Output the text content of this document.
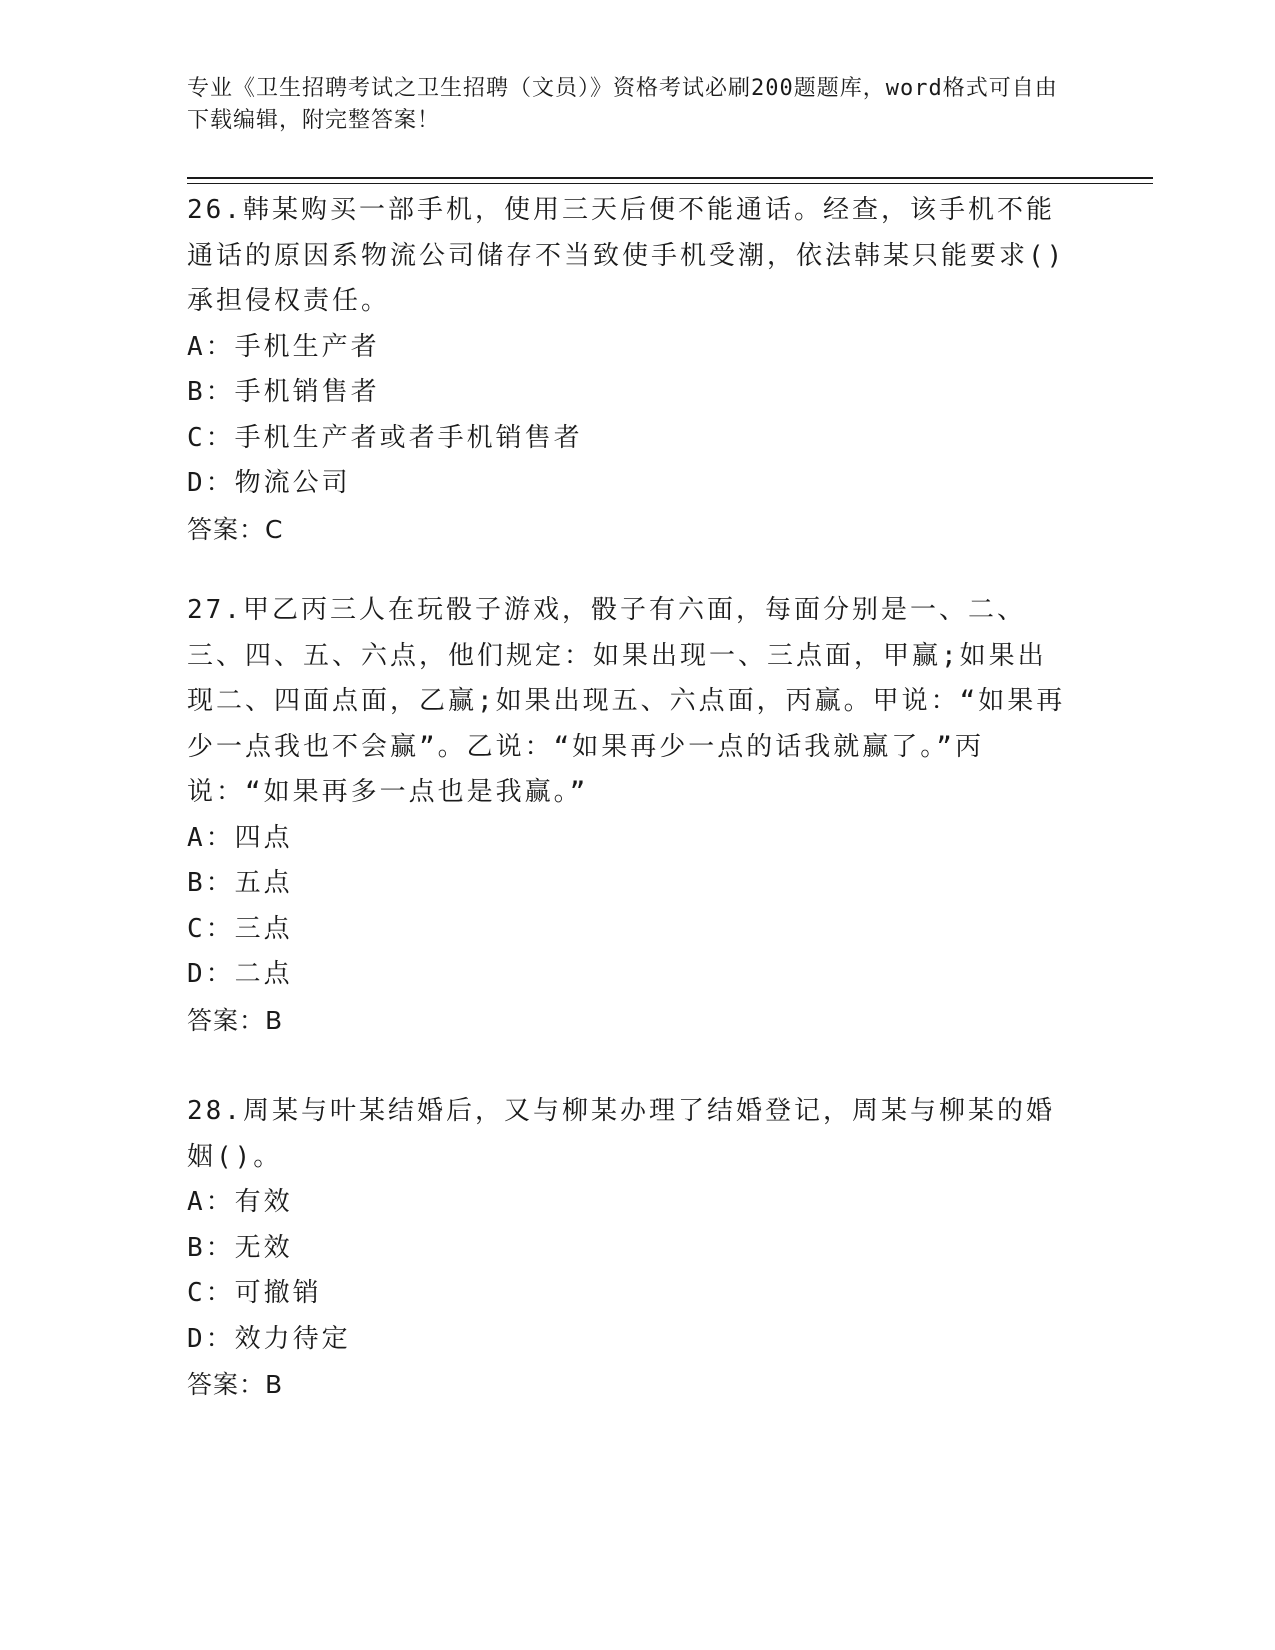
专业《卫生招聘考试之卫生招聘（文员）》资格考试必刷200题题库，word格式可自由下载编辑，附完整答案！

26.韩某购买一部手机，使用三天后便不能通话。经查，该手机不能通话的原因系物流公司储存不当致使手机受潮，依法韩某只能要求()承担侵权责任。

A：手机生产者
B：手机销售者
C：手机生产者或者手机销售者
D：物流公司
答案：C

27.甲乙丙三人在玩骰子游戏，骰子有六面，每面分别是一、二、三、四、五、六点，他们规定：如果出现一、三点面，甲赢;如果出现二、四面点面，乙赢;如果出现五、六点面，丙赢。甲说：“如果再少一点我也不会赢”。乙说：“如果再少一点的话我就赢了。”丙说：“如果再多一点也是我赢。”

A：四点
B：五点
C：三点
D：二点
答案：B

28.周某与叶某结婚后，又与柳某办理了结婚登记，周某与柳某的婚姻()。

A：有效
B：无效
C：可撤销
D：效力待定
答案：B
